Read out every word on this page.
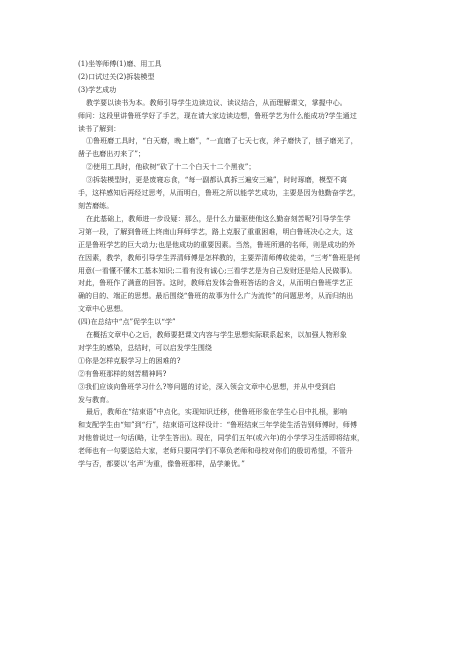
(1)坐等师傅(1)磨、用工具
(2)口试过关(2)拆装模型
(3)学艺成功
教学要以读书为本。教师引导学生边读边议、读议结合，从而理解课文，掌握中心。
师问：这段里讲鲁班学好了手艺，现在请大家边读边想，鲁班学艺为什么能成功?学生通过
读书了解到：
①鲁班磨工具时，“白天磨，晚上磨”，“一直磨了七天七夜，斧子磨快了，刨子磨光了，
凿子也磨出刃来了”；
②使用工具时，他砍树“砍了十二个白天十二个黑夜”；
③拆装模型时，更是废寝忘食，“每一副都认真拆三遍安三遍”，时时琢磨，模型不离
手，这样感知后再经过思考，从而明白，鲁班之所以能学艺成功，主要是因为他勤奋学艺，
刻苦磨练。
在此基础上，教师进一步设疑：那么，是什么力量驱使他这么勤奋刻苦呢?引导学生学
习第一段，了解到鲁班上终南山拜师学艺，路上克服了重重困难，明白鲁班决心之大，这
正是鲁班学艺的巨大动力;也是他成功的重要因素。当然，鲁班所遇的名师，则是成功的外
在因素，教学，教师引导学生弄清师傅是怎样教的，主要弄清师傅收徒弟，“三考”鲁班是何
用意(一看懂不懂木工基本知识;二看有没有诚心;三看学艺是为自己发财还是给人民做事)。
对此，鲁班作了满意的回答。这时，教师启发体会鲁班答话的含义，从而明白鲁班学艺正
确的目的、端正的思想。最后围绕“鲁班的故事为什么广为流传”的问题思考，从而归纳出
文章中心思想。
(四)在总结中“点”促学生以“学”
在概括文章中心之后，教师要把课文内容与学生思想实际联系起来，以加强人物形象
对学生的感染，总结时，可以启发学生围绕
①你是怎样克服学习上的困难的?
②有鲁班那样的刻苦精神吗?
③我们应该向鲁班学习什么?等问题的讨论，深入领会文章中心思想，并从中受到启
发与教育。
最后，教师在“结束语”中点化，实现知识迁移，使鲁班形象在学生心目中扎根，影响
和支配学生由“知”到“行”，结束语可这样设计：“鲁班结束三年学徒生活告别师傅时，师傅
对他曾说过一句话(略，让学生答出)。现在，同学们五年(或六年)的小学学习生活即将结束，
老师也有一句要送给大家，老师只要同学们不辜负老师和母校对你们的殷切希望，不管升
学与否，都要以‘名声’为重，像鲁班那样，品学兼优。”
